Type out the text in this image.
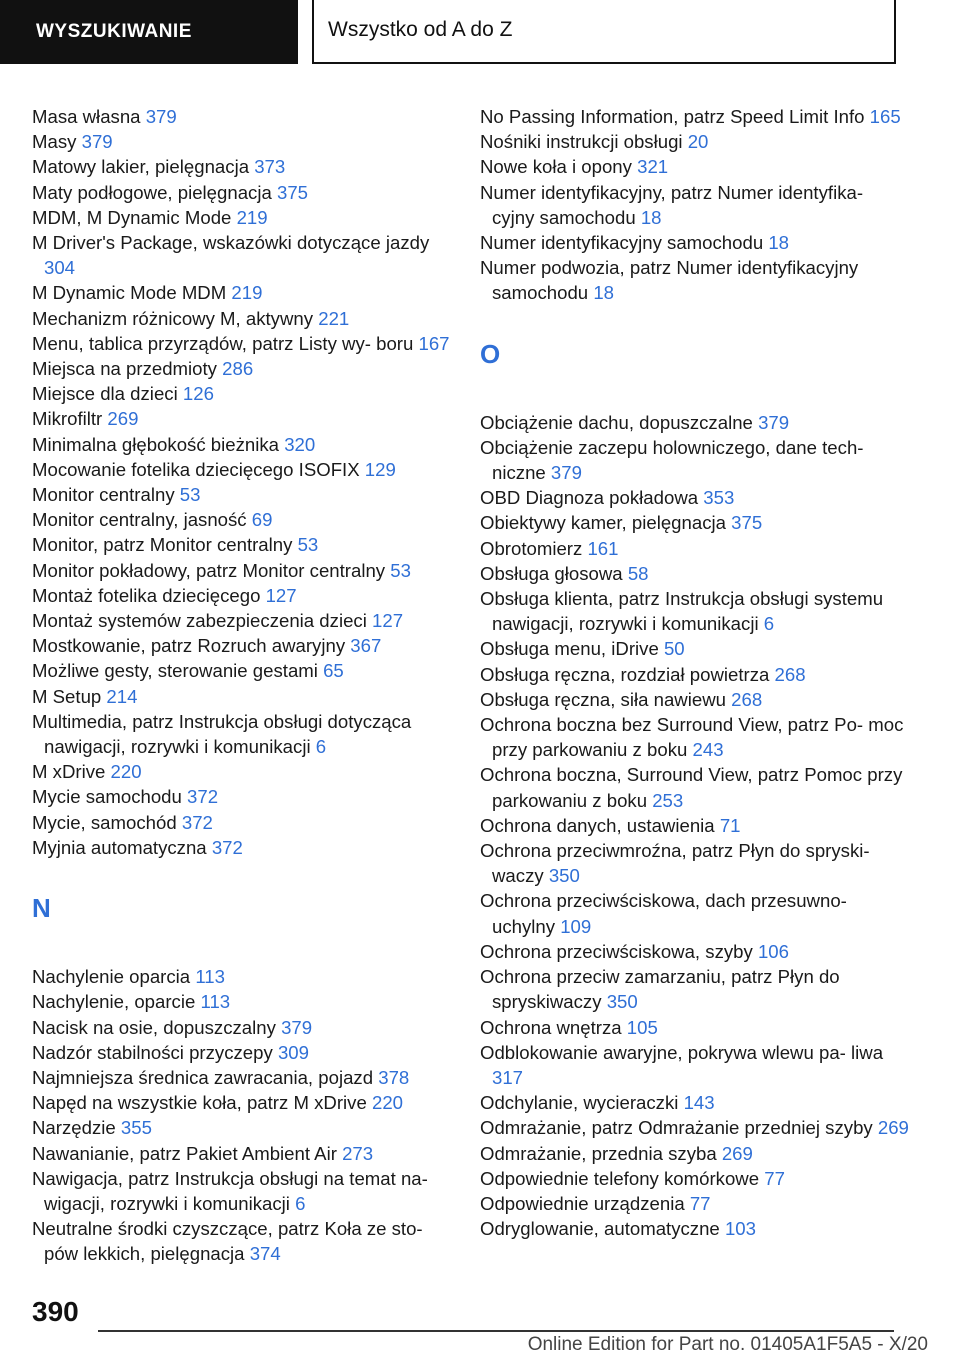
WYSZUKIWANIE	Wszystko od A do Z
Masa własna 379
Masy 379
Matowy lakier, pielęgnacja 373
Maty podłogowe, pielęgnacja 375
MDM, M Dynamic Mode 219
M Driver's Package, wskazówki dotyczące jazdy 304
M Dynamic Mode MDM 219
Mechanizm różnicowy M, aktywny 221
Menu, tablica przyrządów, patrz Listy wy- boru 167
Miejsca na przedmioty 286
Miejsce dla dzieci 126
Mikrofiltr 269
Minimalna głębokość bieżnika 320
Mocowanie fotelika dziecięcego ISOFIX 129
Monitor centralny 53
Monitor centralny, jasność 69
Monitor, patrz Monitor centralny 53
Monitor pokładowy, patrz Monitor centralny 53
Montaż fotelika dziecięcego 127
Montaż systemów zabezpieczenia dzieci 127
Mostkowanie, patrz Rozruch awaryjny 367
Możliwe gesty, sterowanie gestami 65
M Setup 214
Multimedia, patrz Instrukcja obsługi dotycząca nawigacji, rozrywki i komunikacji 6
M xDrive 220
Mycie samochodu 372
Mycie, samochód 372
Myjnia automatyczna 372
N
Nachylenie oparcia 113
Nachylenie, oparcie 113
Nacisk na osie, dopuszczalny 379
Nadzór stabilności przyczepy 309
Najmniejsza średnica zawracania, pojazd 378
Napęd na wszystkie koła, patrz M xDrive 220
Narzędzie 355
Nawanianie, patrz Pakiet Ambient Air 273
Nawigacja, patrz Instrukcja obsługi na temat na- wigacji, rozrywki i komunikacji 6
Neutralne środki czyszczące, patrz Koła ze sto- pów lekkich, pielęgnacja 374
No Passing Information, patrz Speed Limit Info 165
Nośniki instrukcji obsługi 20
Nowe koła i opony 321
Numer identyfikacyjny, patrz Numer identyfika- cyjny samochodu 18
Numer identyfikacyjny samochodu 18
Numer podwozia, patrz Numer identyfikacyjny samochodu 18
O
Obciążenie dachu, dopuszczalne 379
Obciążenie zaczepu holowniczego, dane tech- niczne 379
OBD Diagnoza pokładowa 353
Obiektywy kamer, pielęgnacja 375
Obrotomierz 161
Obsługa głosowa 58
Obsługa klienta, patrz Instrukcja obsługi systemu nawigacji, rozrywki i komunikacji 6
Obsługa menu, iDrive 50
Obsługa ręczna, rozdział powietrza 268
Obsługa ręczna, siła nawiewu 268
Ochrona boczna bez Surround View, patrz Po- moc przy parkowaniu z boku 243
Ochrona boczna, Surround View, patrz Pomoc przy parkowaniu z boku 253
Ochrona danych, ustawienia 71
Ochrona przeciwmroźna, patrz Płyn do spryski- waczy 350
Ochrona przeciwściskowa, dach przesuwno- uchylny 109
Ochrona przeciwściskowa, szyby 106
Ochrona przeciw zamarzaniu, patrz Płyn do spryskiwaczy 350
Ochrona wnętrza 105
Odblokowanie awaryjne, pokrywa wlewu pa- liwa 317
Odchylanie, wycieraczki 143
Odmrażanie, patrz Odmrażanie przedniej szyby 269
Odmrażanie, przednia szyba 269
Odpowiednie telefony komórkowe 77
Odpowiednie urządzenia 77
Odryglowanie, automatyczne 103
390
Online Edition for Part no. 01405A1F5A5 - X/20
